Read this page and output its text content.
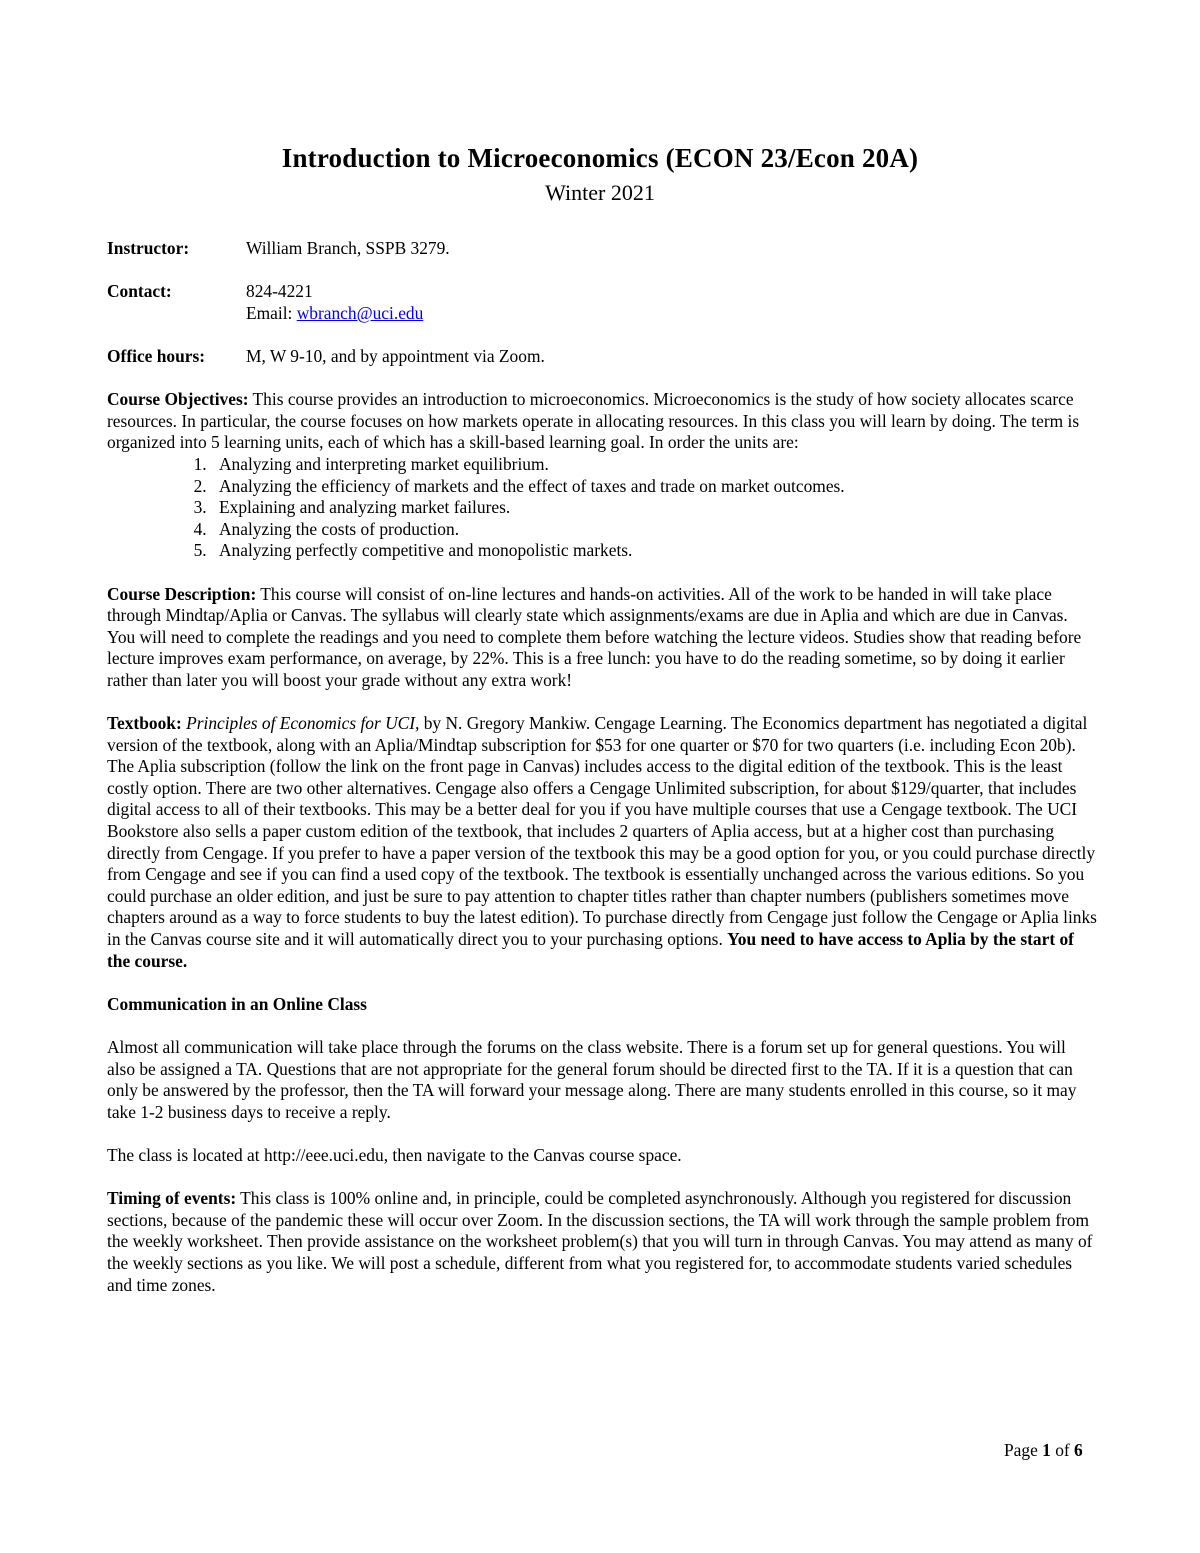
Introduction to Microeconomics (ECON 23/Econ 20A)
Winter 2021
Instructor:	William Branch, SSPB 3279.
Contact:	824-4221
Email: wbranch@uci.edu
Office hours:	M, W 9-10, and by appointment via Zoom.

Course Objectives: This course provides an introduction to microeconomics. Microeconomics is the study of how society allocates scarce resources. In particular, the course focuses on how markets operate in allocating resources. In this class you will learn by doing. The term is organized into 5 learning units, each of which has a skill-based learning goal. In order the units are:

1. Analyzing and interpreting market equilibrium.
2. Analyzing the efficiency of markets and the effect of taxes and trade on market outcomes.
3. Explaining and analyzing market failures.
4. Analyzing the costs of production.
5. Analyzing perfectly competitive and monopolistic markets.

Course Description: This course will consist of on-line lectures and hands-on activities. All of the work to be handed in will take place through Mindtap/Aplia or Canvas. The syllabus will clearly state which assignments/exams are due in Aplia and which are due in Canvas. You will need to complete the readings and you need to complete them before watching the lecture videos. Studies show that reading before lecture improves exam performance, on average, by 22%. This is a free lunch: you have to do the reading sometime, so by doing it earlier rather than later you will boost your grade without any extra work!

Textbook: Principles of Economics for UCI, by N. Gregory Mankiw. Cengage Learning. The Economics department has negotiated a digital version of the textbook, along with an Aplia/Mindtap subscription for $53 for one quarter or $70 for two quarters (i.e. including Econ 20b). The Aplia subscription (follow the link on the front page in Canvas) includes access to the digital edition of the textbook. This is the least costly option. There are two other alternatives. Cengage also offers a Cengage Unlimited subscription, for about $129/quarter, that includes digital access to all of their textbooks. This may be a better deal for you if you have multiple courses that use a Cengage textbook. The UCI Bookstore also sells a paper custom edition of the textbook, that includes 2 quarters of Aplia access, but at a higher cost than purchasing directly from Cengage. If you prefer to have a paper version of the textbook this may be a good option for you, or you could purchase directly from Cengage and see if you can find a used copy of the textbook. The textbook is essentially unchanged across the various editions. So you could purchase an older edition, and just be sure to pay attention to chapter titles rather than chapter numbers (publishers sometimes move chapters around as a way to force students to buy the latest edition). To purchase directly from Cengage just follow the Cengage or Aplia links in the Canvas course site and it will automatically direct you to your purchasing options. You need to have access to Aplia by the start of the course.

Communication in an Online Class

Almost all communication will take place through the forums on the class website. There is a forum set up for general questions. You will also be assigned a TA. Questions that are not appropriate for the general forum should be directed first to the TA. If it is a question that can only be answered by the professor, then the TA will forward your message along. There are many students enrolled in this course, so it may take 1-2 business days to receive a reply.

The class is located at http://eee.uci.edu, then navigate to the Canvas course space.

Timing of events: This class is 100% online and, in principle, could be completed asynchronously. Although you registered for discussion sections, because of the pandemic these will occur over Zoom. In the discussion sections, the TA will work through the sample problem from the weekly worksheet. Then provide assistance on the worksheet problem(s) that you will turn in through Canvas. You may attend as many of the weekly sections as you like. We will post a schedule, different from what you registered for, to accommodate students varied schedules and time zones.

Page 1 of 6
